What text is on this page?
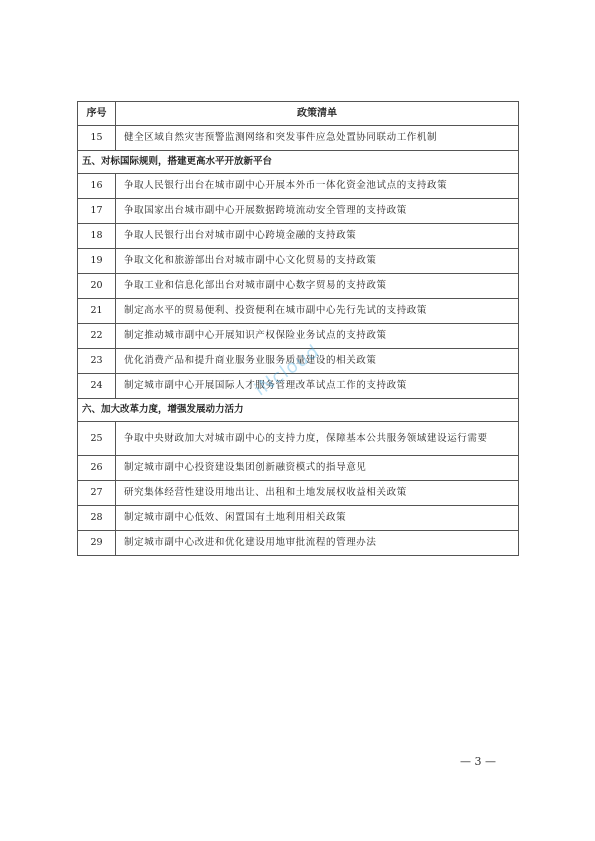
序号	政策清单
15	健全区域自然灾害预警监测网络和突发事件应急处置协同联动工作机制
五、对标国际规则，搭建更高水平开放新平台	
16	争取人民银行出台在城市副中心开展本外币一体化资金池试点的支持政策
17	争取国家出台城市副中心开展数据跨境流动安全管理的支持政策
18	争取人民银行出台对城市副中心跨境金融的支持政策
19	争取文化和旅游部出台对城市副中心文化贸易的支持政策
20	争取工业和信息化部出台对城市副中心数字贸易的支持政策
21	制定高水平的贸易便利、投资便利在城市副中心先行先试的支持政策
22	制定推动城市副中心开展知识产权保险业务试点的支持政策
23	优化消费产品和提升商业服务业服务质量建设的相关政策
24	制定城市副中心开展国际人才服务管理改革试点工作的支持政策
六、加大改革力度，增强发展动力活力	
25	争取中央财政加大对城市副中心的支持力度，保障基本公共服务领域建设运行需要
26	制定城市副中心投资建设集团创新融资模式的指导意见
27	研究集体经营性建设用地出让、出租和土地发展权收益相关政策
28	制定城市副中心低效、闲置国有土地利用相关政策
29	制定城市副中心改进和优化建设用地审批流程的管理办法
iNcloud
— 3 —
